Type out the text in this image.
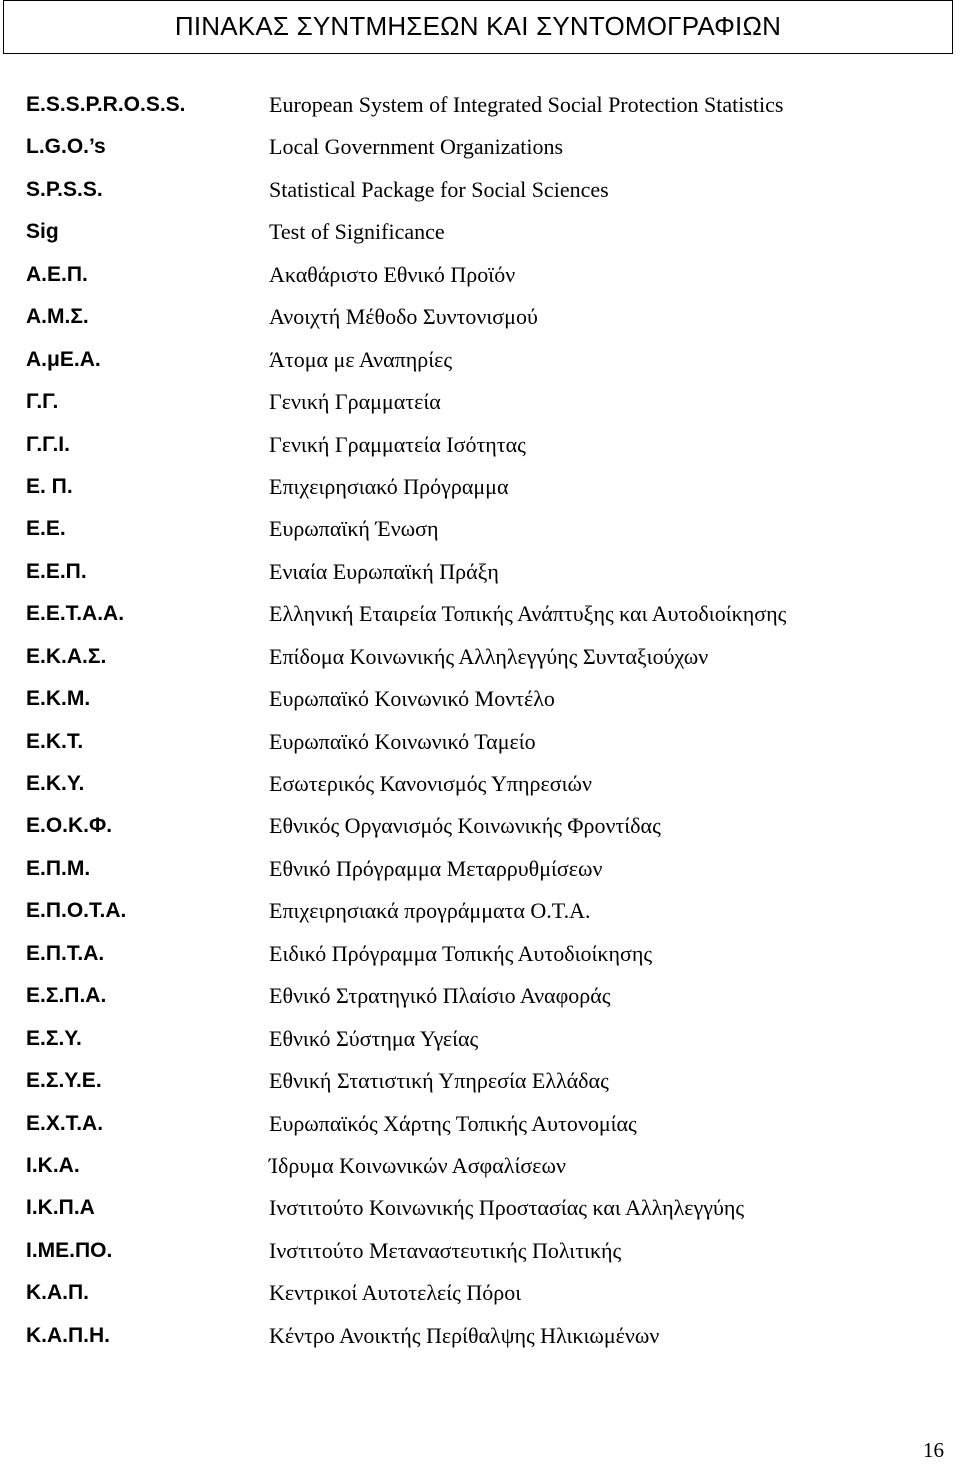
ΠΙΝΑΚΑΣ ΣΥΝΤΜΗΣΕΩΝ ΚΑΙ ΣΥΝΤΟΜΟΓΡΑΦΙΩΝ
E.S.S.P.R.O.S.S.	European System of Integrated Social Protection Statistics
L.G.O.’s	Local Government Organizations
S.P.S.S.	Statistical Package for Social Sciences
Sig	Test of Significance
Α.Ε.Π.	Ακαθάριστο Εθνικό Προϊόν
Α.Μ.Σ.	Ανοιχτή Μέθοδο Συντονισμού
Α.μΕ.Α.	Άτομα με Αναπηρίες
Γ.Γ.	Γενική Γραμματεία
Γ.Γ.Ι.	Γενική Γραμματεία Ισότητας
Ε. Π.	Επιχειρησιακό Πρόγραμμα
Ε.Ε.	Ευρωπαϊκή Ένωση
Ε.Ε.Π.	Ενιαία Ευρωπαϊκή Πράξη
Ε.Ε.Τ.Α.Α.	Ελληνική Εταιρεία Τοπικής Ανάπτυξης και Αυτοδιοίκησης
Ε.Κ.Α.Σ.	Επίδομα Κοινωνικής Αλληλεγγύης Συνταξιούχων
Ε.Κ.Μ.	Ευρωπαϊκό Κοινωνικό Μοντέλο
Ε.Κ.Τ.	Ευρωπαϊκό Κοινωνικό Ταμείο
Ε.Κ.Υ.	Εσωτερικός Κανονισμός Υπηρεσιών
Ε.Ο.Κ.Φ.	Εθνικός Οργανισμός Κοινωνικής Φροντίδας
Ε.Π.Μ.	Εθνικό Πρόγραμμα Μεταρρυθμίσεων
Ε.Π.Ο.Τ.Α.	Επιχειρησιακά προγράμματα Ο.Τ.Α.
Ε.Π.Τ.Α.	Ειδικό Πρόγραμμα Τοπικής Αυτοδιοίκησης
Ε.Σ.Π.Α.	Εθνικό Στρατηγικό Πλαίσιο Αναφοράς
Ε.Σ.Υ.	Εθνικό Σύστημα Υγείας
Ε.Σ.Υ.Ε.	Εθνική Στατιστική Υπηρεσία Ελλάδας
Ε.Χ.Τ.Α.	Ευρωπαϊκός Χάρτης Τοπικής Αυτονομίας
Ι.Κ.Α.	Ίδρυμα Κοινωνικών Ασφαλίσεων
Ι.Κ.Π.Α	Ινστιτούτο Κοινωνικής Προστασίας και Αλληλεγγύης
Ι.ΜΕ.ΠΟ.	Ινστιτούτο Μεταναστευτικής Πολιτικής
Κ.Α.Π.	Κεντρικοί Αυτοτελείς Πόροι
Κ.Α.Π.Η.	Κέντρο Ανοικτής Περίθαλψης Ηλικιωμένων
16
